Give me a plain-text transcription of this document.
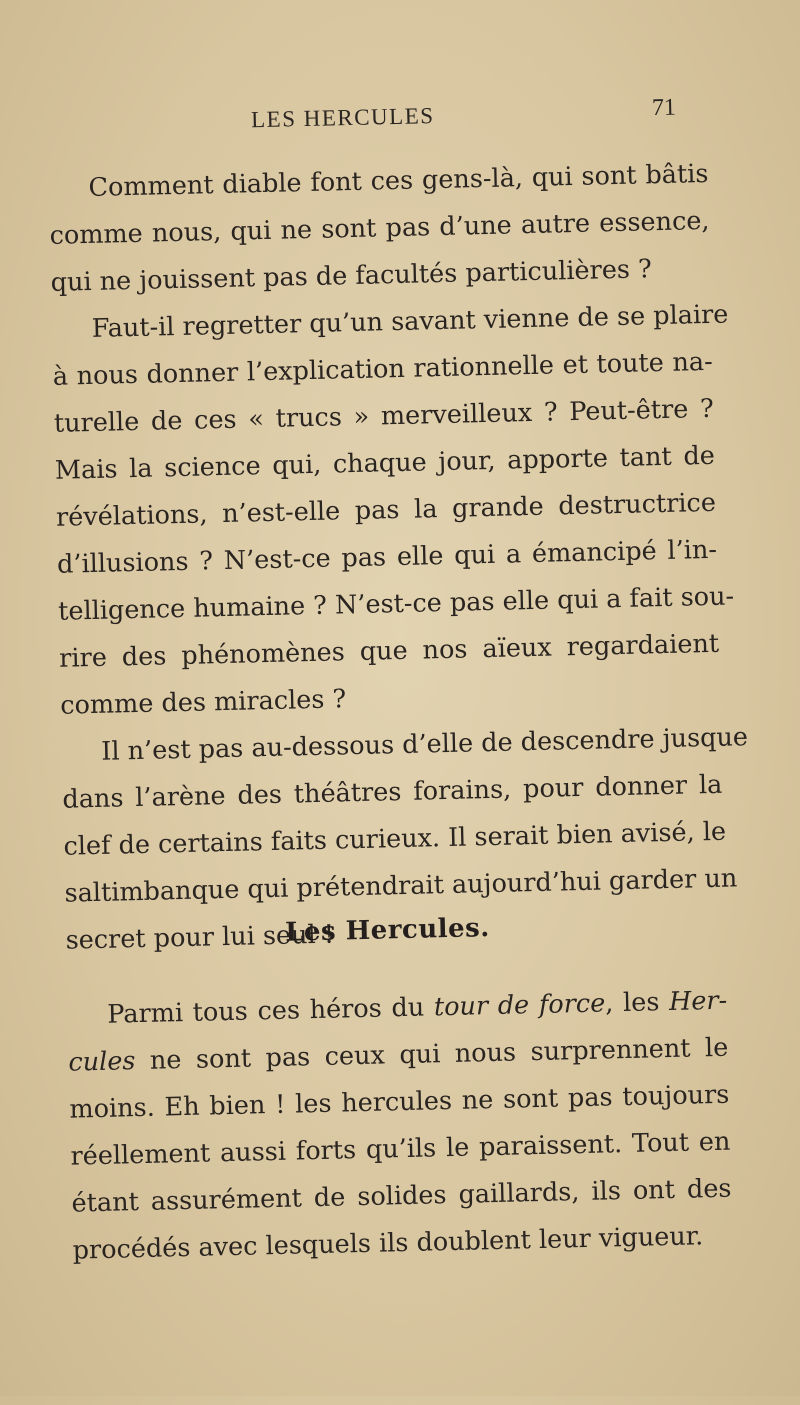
LES HERCULES	71
Comment diable font ces gens-là, qui sont bâtis
comme nous, qui ne sont pas d’une autre essence,
qui ne jouissent pas de facultés particulières ?
Faut-il regretter qu’un savant vienne de se plaire
à nous donner l’explication rationnelle et toute na-
turelle de ces « trucs » merveilleux ? Peut-être ?
Mais la science qui, chaque jour, apporte tant de
révélations, n’est-elle pas la grande destructrice
d’illusions ? N’est-ce pas elle qui a émancipé l’in-
telligence humaine ? N’est-ce pas elle qui a fait sou-
rire des phénomènes que nos aïeux regardaient
comme des miracles ?
Il n’est pas au-dessous d’elle de descendre jusque
dans l’arène des théâtres forains, pour donner la
clef de certains faits curieux. Il serait bien avisé, le
saltimbanque qui prétendrait aujourd’hui garder un
secret pour lui seul !
Les Hercules.
Parmi tous ces héros du tour de force, les Her-
cules ne sont pas ceux qui nous surprennent le
moins. Eh bien ! les hercules ne sont pas toujours
réellement aussi forts qu’ils le paraissent. Tout en
étant assurément de solides gaillards, ils ont des
procédés avec lesquels ils doublent leur vigueur.
